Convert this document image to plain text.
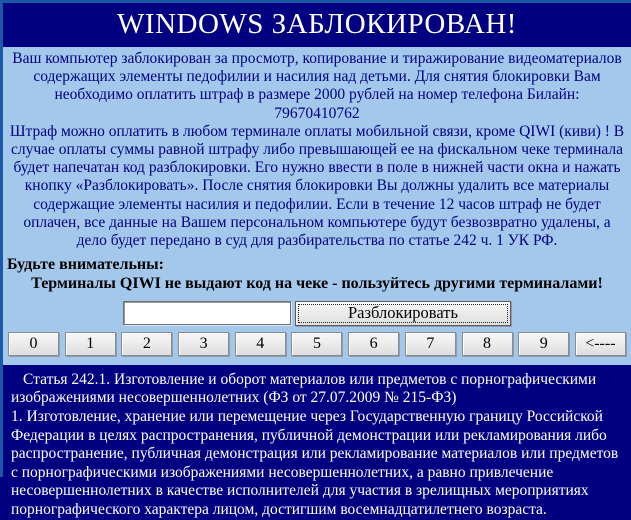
WINDOWS ЗАБЛОКИРОВАН!

Ваш компьютер заблокирован за просмотр, копирование и тиражирование видеоматериалов содержащих элементы педофилии и насилия над детьми. Для снятия блокировки Вам необходимо оплатить штраф в размере 2000 рублей на номер телефона Билайн:

79670410762

Штраф можно оплатить в любом терминале оплаты мобильной связи, кроме QIWI (киви) ! В случае оплаты суммы равной штрафу либо превышающей ее на фискальном чеке терминала будет напечатан код разблокировки. Его нужно ввести в поле в нижней части окна и нажать кнопку «Разблокировать». После снятия блокировки Вы должны удалить все материалы содержащие элементы насилия и педофилии. Если в течение 12 часов штраф не будет оплачен, все данные на Вашем персональном компьютере будут безвозвратно удалены, а дело будет передано в суд для разбирательства по статье 242 ч. 1 УК РФ.

Будьте внимательны:

Терминалы QIWI не выдают код на чеке - пользуйтесь другими терминалами!

Разблокировать
0	1	2	3	4	5	6	7	8	9	<----

Статья 242.1. Изготовление и оборот материалов или предметов с порнографическими изображениями несовершеннолетних (ФЗ от 27.07.2009 № 215-ФЗ)

1. Изготовление, хранение или перемещение через Государственную границу Российской Федерации в целях распространения, публичной демонстрации или рекламирования либо распространение, публичная демонстрация или рекламирование материалов или предметов с порнографическими изображениями несовершеннолетних, а равно привлечение несовершеннолетних в качестве исполнителей для участия в зрелищных мероприятиях порнографического характера лицом, достигшим восемнадцатилетнего возраста.
